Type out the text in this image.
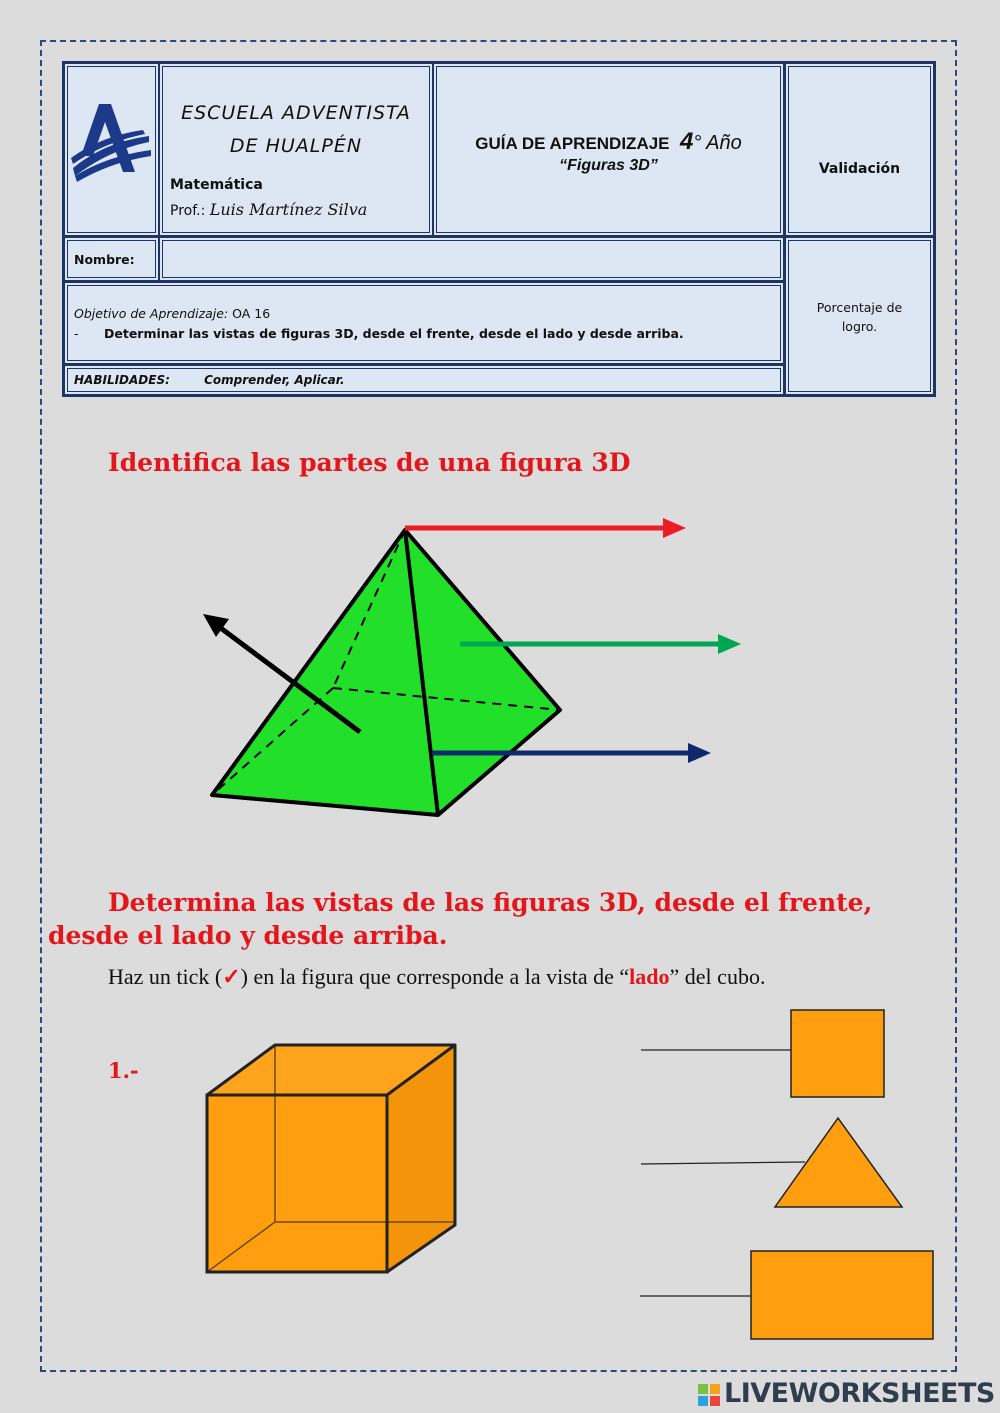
ESCUELA ADVENTISTA
DE HUALPÉN
Matemática
Prof.: Luis Martínez Silva
GUÍA DE APRENDIZAJE 4° Año
“Figuras 3D”	Validación
Nombre:
Porcentaje de
logro.
Objetivo de Aprendizaje: OA 16
- Determinar las vistas de figuras 3D, desde el frente, desde el lado y desde arriba.
HABILIDADES:	Comprender, Aplicar.
Identifica las partes de una figura 3D
Determina las vistas de las figuras 3D, desde el frente, desde el lado y desde arriba.
Haz un tick (✓) en la figura que corresponde a la vista de “lado” del cubo.
1.-
LIVEWORKSHEETS
